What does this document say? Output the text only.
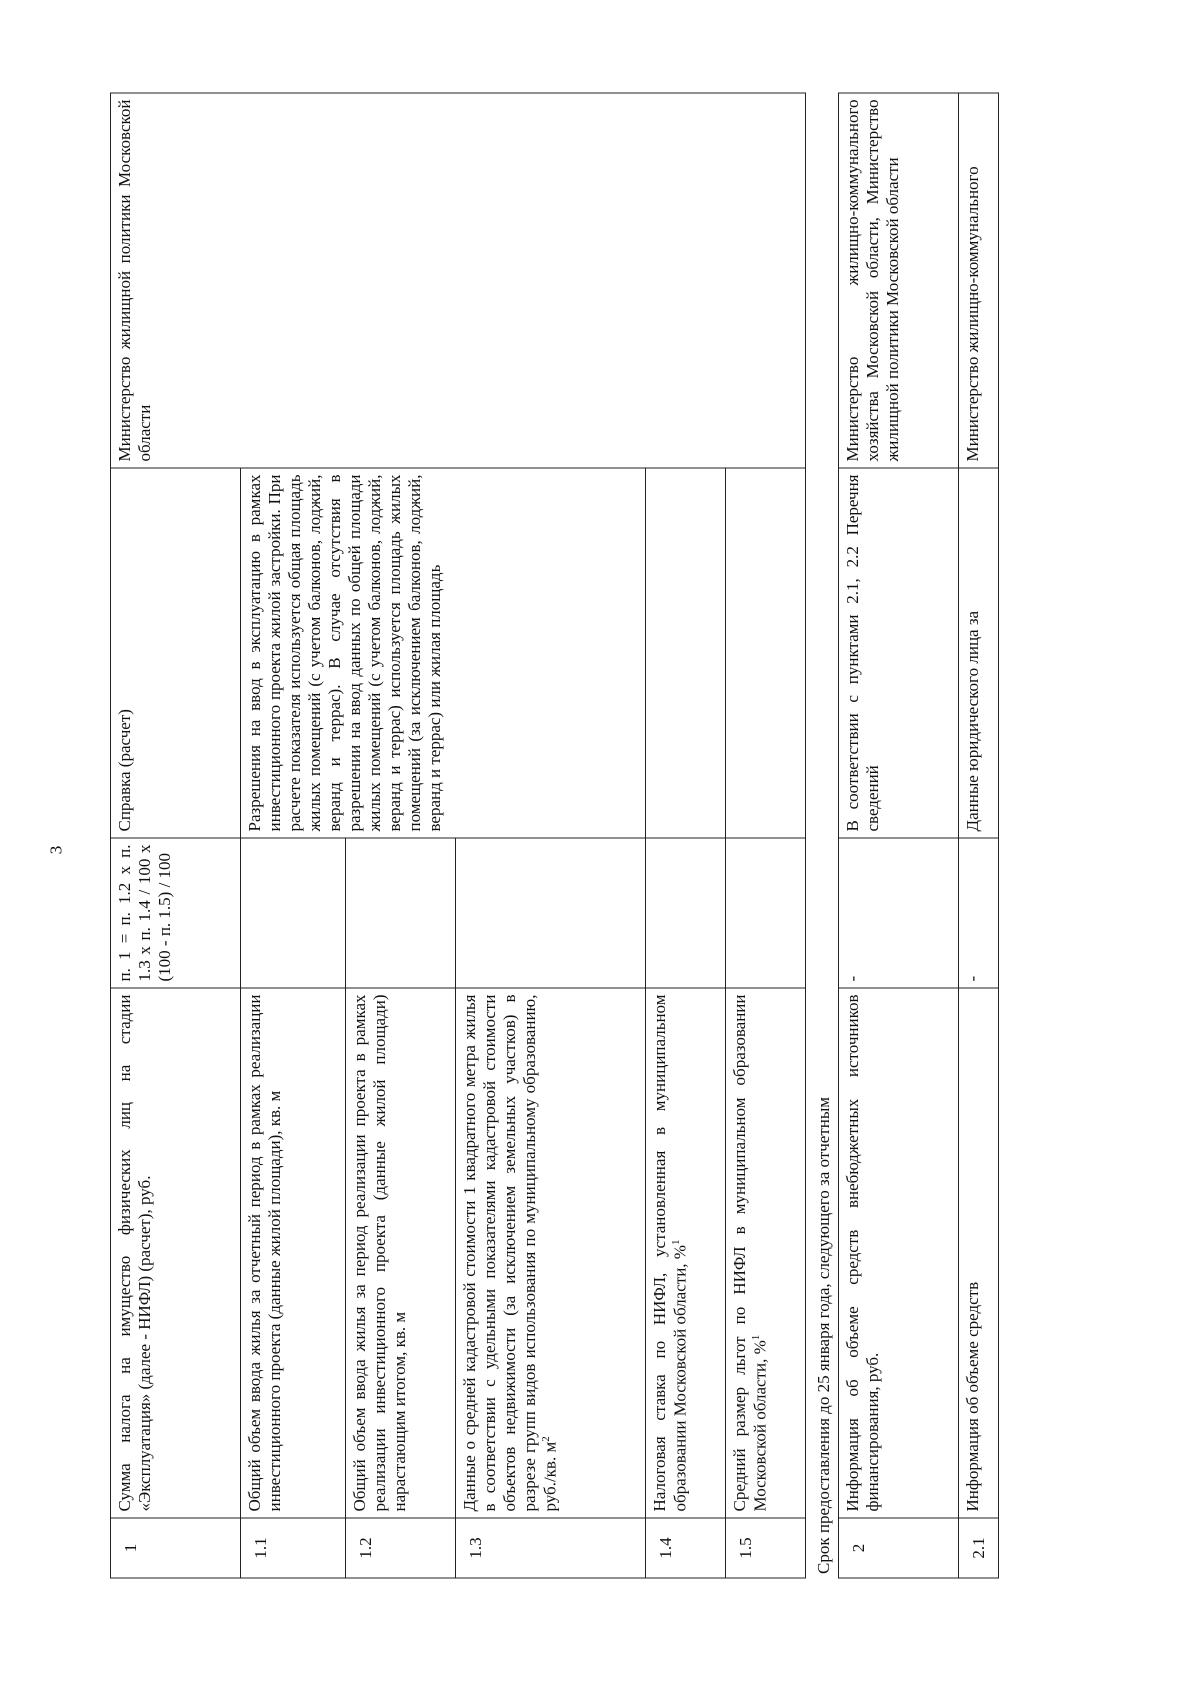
3
1	Сумма налога на имущество физических лиц на стадии «Эксплуатация» (далее - НИФЛ) (расчет), руб.	п. 1 = п. 1.2 х п. 1.3 х п. 1.4 / 100 х (100 - п. 1.5) / 100	Справка (расчет)	Министерство жилищной политики Московской области
1.1	Общий объем ввода жилья за отчетный период в рамках реализации инвестиционного проекта (данные жилой площади), кв. м		Разрешения на ввод в эксплуатацию в рамках инвестиционного проекта жилой застройки. При расчете показателя используется общая площадь жилых помещений (с учетом балконов, лоджий, веранд и террас). В случае отсутствия в разрешении на ввод данных по общей площади жилых помещений (с учетом балконов, лоджий, веранд и террас) используется площадь жилых помещений (за исключением балконов, лоджий, веранд и террас) или жилая площадь	
1.2	Общий объем ввода жилья за период реализации проекта в рамках реализации инвестиционного проекта (данные жилой площади) нарастающим итогом, кв. м			
1.3	Данные о средней кадастровой стоимости 1 квадратного метра жилья в соответствии с удельными показателями кадастровой стоимости объектов недвижимости (за исключением земельных участков) в разрезе групп видов использования по муниципальному образованию, руб./кв. $м^2$	
1.4	Налоговая ставка по НИФЛ, установленная в муниципальном образовании Московской области, %$^1$		
1.5	Средний размер льгот по НИФЛ в муниципальном образовании Московской области, %$^1$		
Срок предоставления до 25 января года, следующего за отчетным				
2	Информация об объеме средств внебюджетных источников финансирования, руб.	-	В соответствии с пунктами 2.1, 2.2 Перечня сведений	Министерство жилищно-коммунального хозяйства Московской области, Министерство жилищной политики Московской области
2.1	Информация об объеме средств	-	Данные юридического лица за	Министерство жилищно-коммунального
